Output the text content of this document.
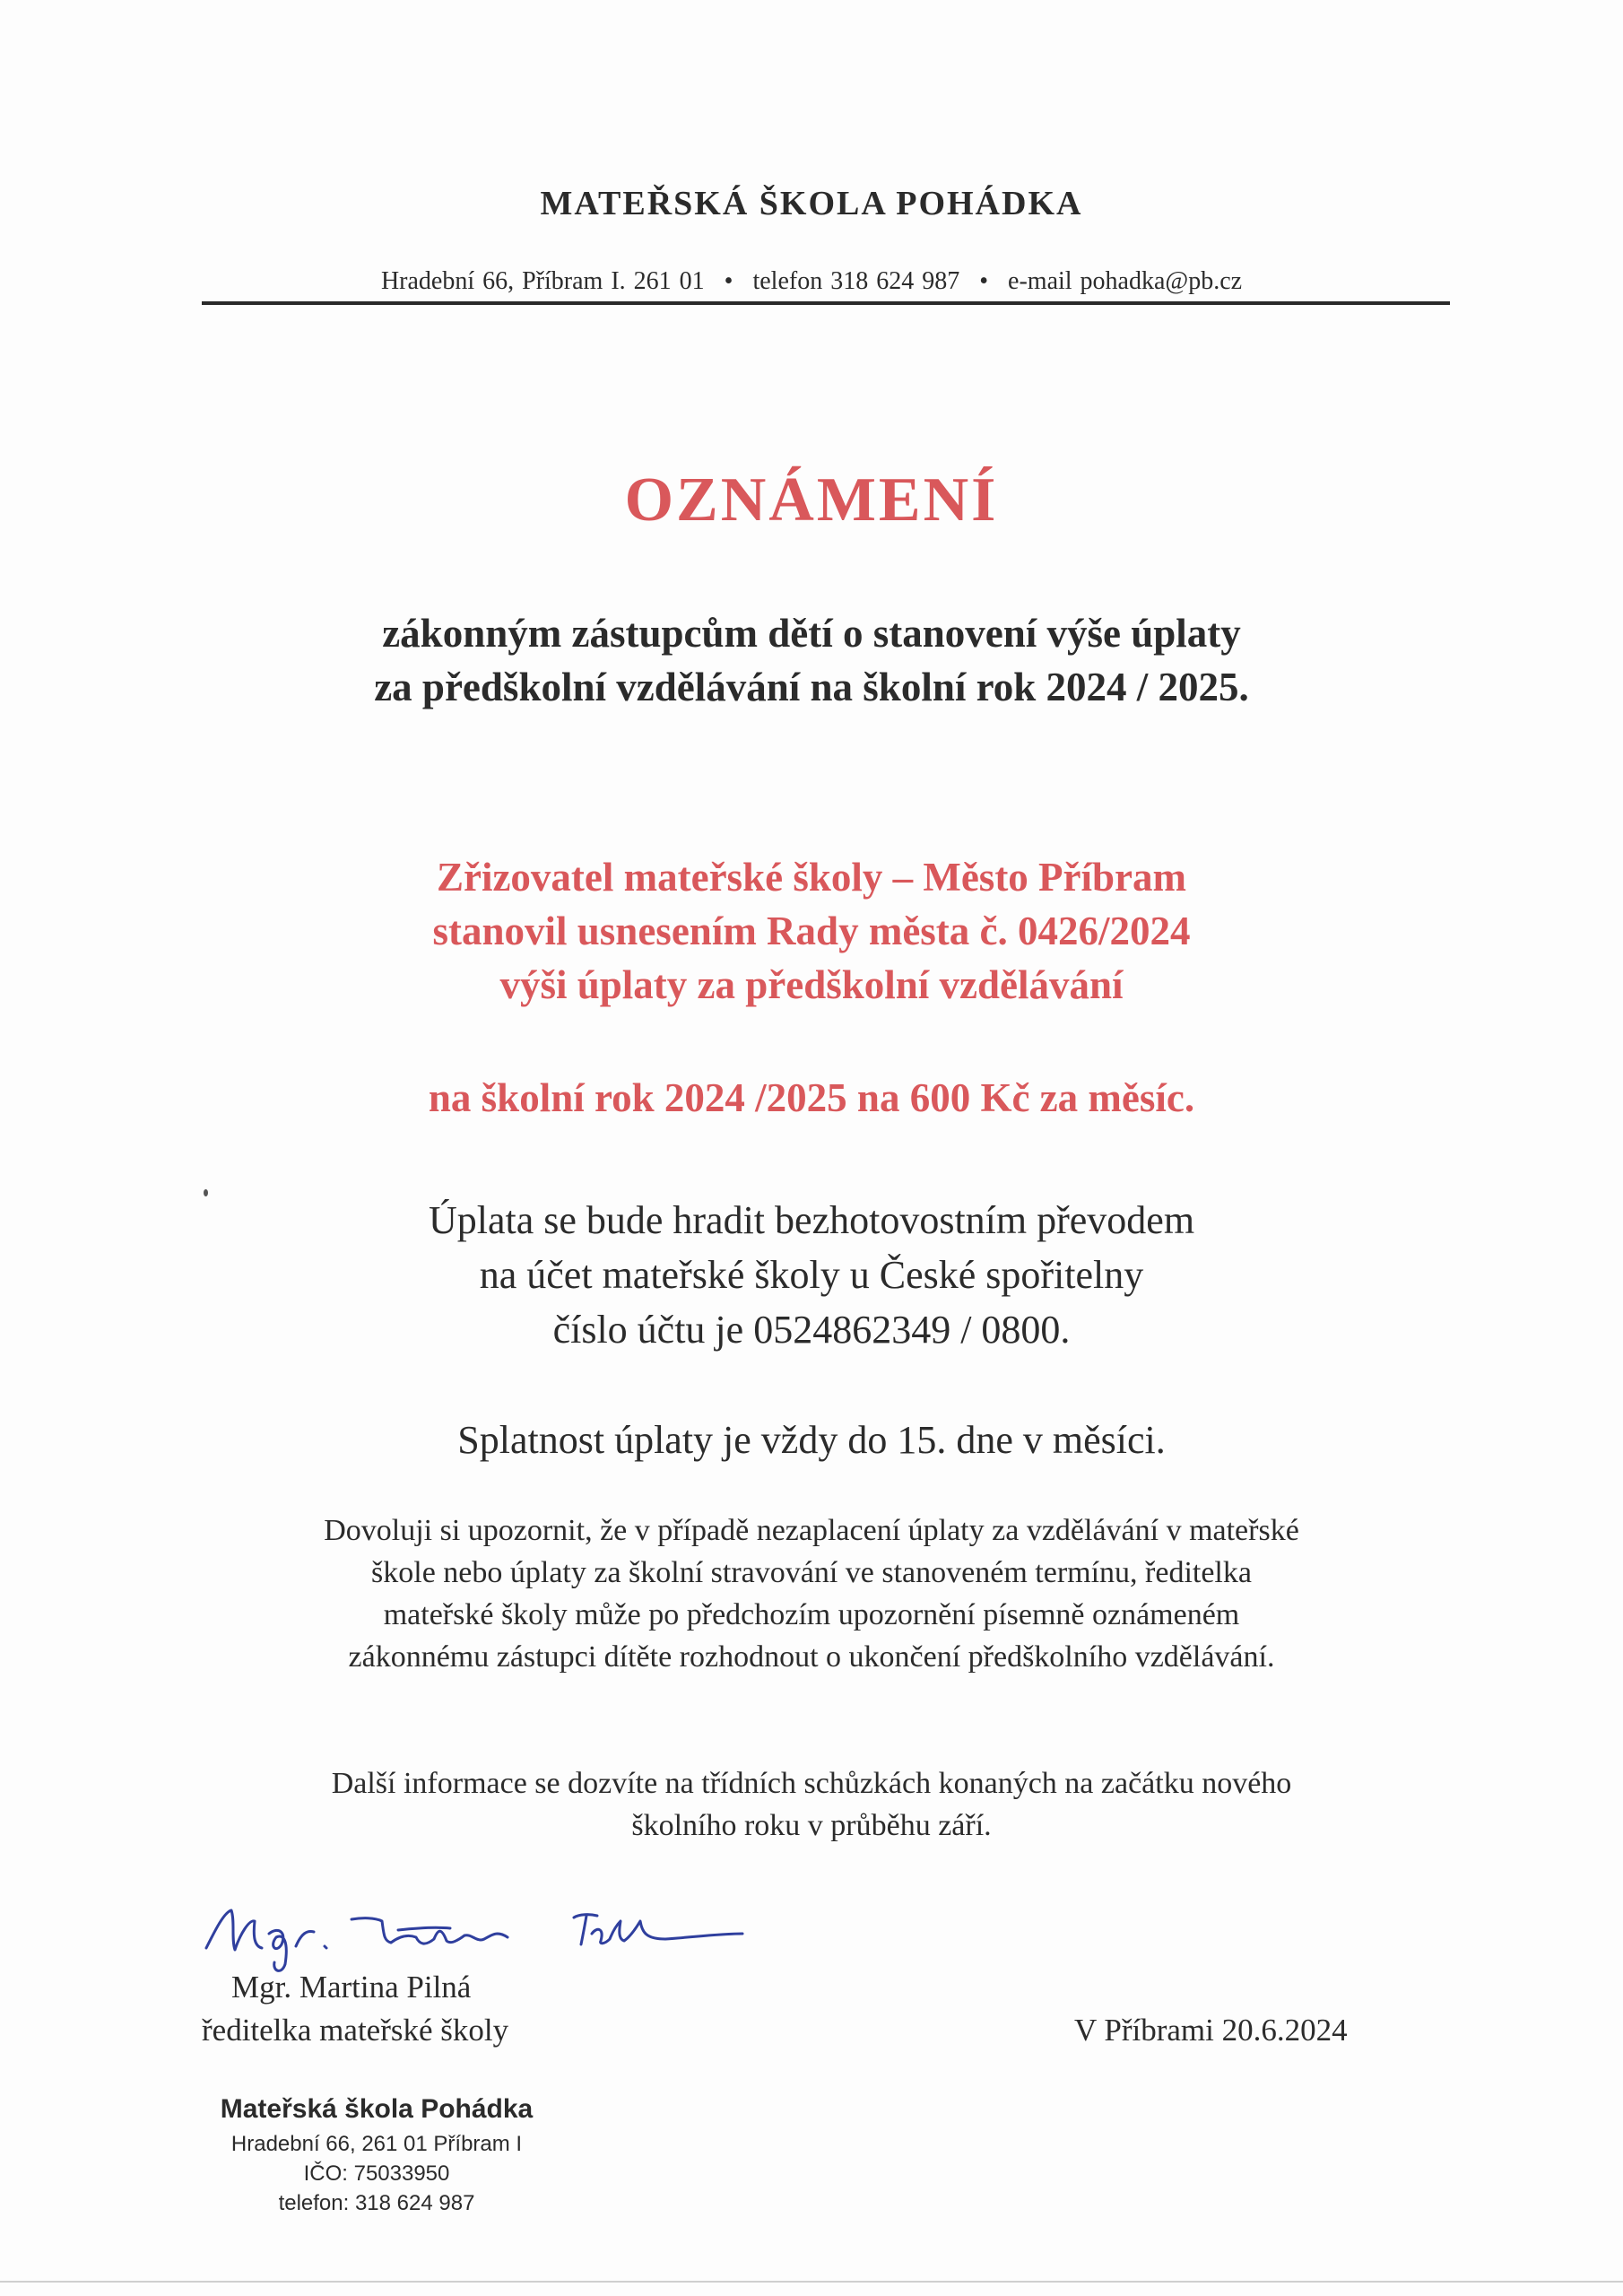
MATEŘSKÁ ŠKOLA POHÁDKA
Hradební 66, Příbram I. 261 01 • telefon 318 624 987 • e-mail pohadka@pb.cz
OZNÁMENÍ
zákonným zástupcům dětí o stanovení výše úplaty
za předškolní vzdělávání na školní rok 2024 / 2025.
Zřizovatel mateřské školy – Město Příbram
stanovil usnesením Rady města č. 0426/2024
výši úplaty za předškolní vzdělávání
na školní rok 2024 /2025 na 600 Kč za měsíc.
Úplata se bude hradit bezhotovostním převodem
na účet mateřské školy u České spořitelny
číslo účtu je 0524862349 / 0800.
Splatnost úplaty je vždy do 15. dne v měsíci.
Dovoluji si upozornit, že v případě nezaplacení úplaty za vzdělávání v mateřské
škole nebo úplaty za školní stravování ve stanoveném termínu, ředitelka
mateřské školy může po předchozím upozornění písemně oznámeném
zákonnému zástupci dítěte rozhodnout o ukončení předškolního vzdělávání.
Další informace se dozvíte na třídních schůzkách konaných na začátku nového
školního roku v průběhu září.
Mgr. Martina Pilná
ředitelka mateřské školy	V Příbrami 20.6.2024
Mateřská škola Pohádka
Hradební 66, 261 01 Příbram I
IČO: 75033950
telefon: 318 624 987
